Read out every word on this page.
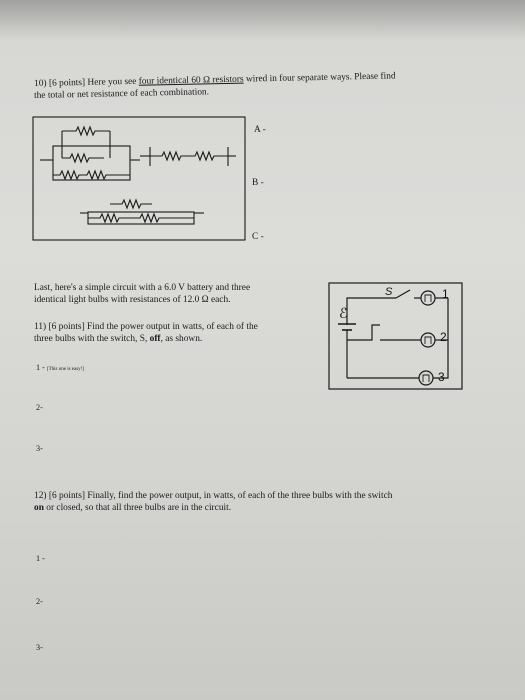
10) [6 points] Here you see four identical 60 Ω resistors wired in four separate ways. Please find
the total or net resistance of each combination.
A -
B -
C -
Last, here's a simple circuit with a 6.0 V battery and three
identical light bulbs with resistances of 12.0 Ω each.
11) [6 points] Find the power output in watts, of each of the
three bulbs with the switch, S, off, as shown.
1 - [This one is easy!]
2-
3-
S
ℰ
1
2
3
12) [6 points] Finally, find the power output, in watts, of each of the three bulbs with the switch
on or closed, so that all three bulbs are in the circuit.
1 -
2-
3-
